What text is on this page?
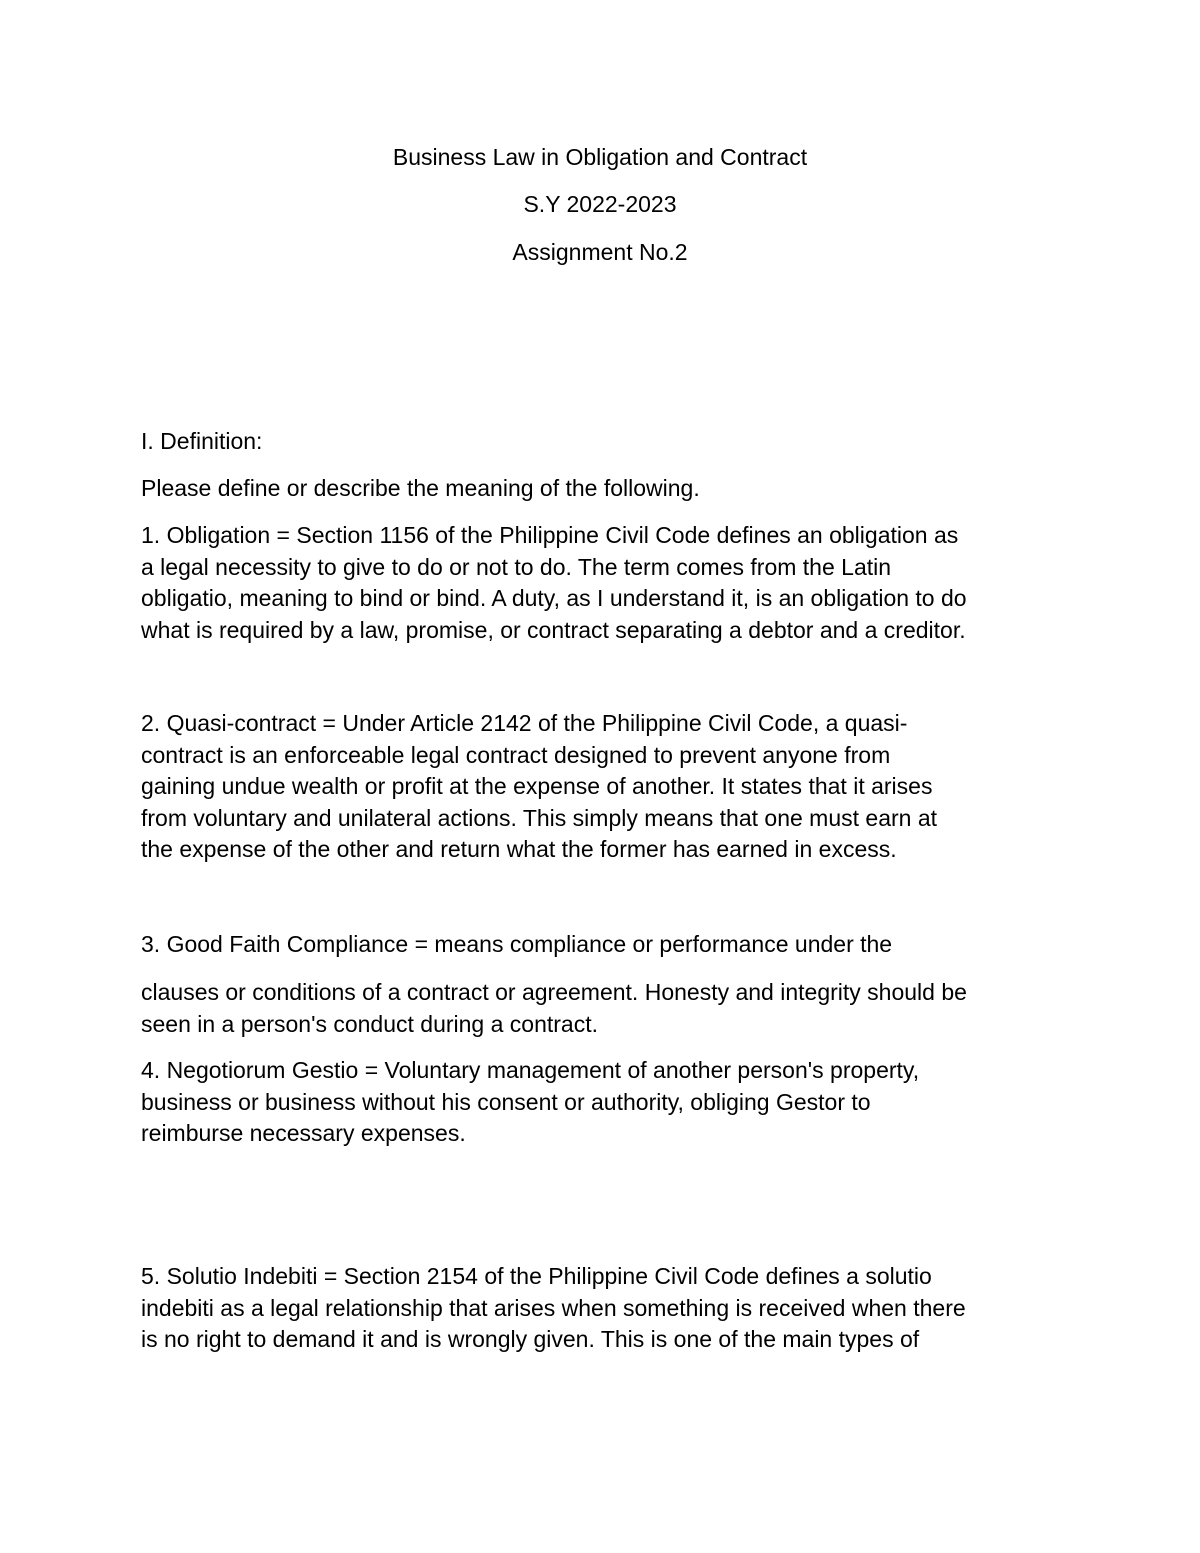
Business Law in Obligation and Contract
S.Y 2022-2023
Assignment No.2
I. Definition:
Please define or describe the meaning of the following.
1. Obligation = Section 1156 of the Philippine Civil Code defines an obligation as
a legal necessity to give to do or not to do. The term comes from the Latin
obligatio, meaning to bind or bind. A duty, as I understand it, is an obligation to do
what is required by a law, promise, or contract separating a debtor and a creditor.
2. Quasi-contract = Under Article 2142 of the Philippine Civil Code, a quasi-
contract is an enforceable legal contract designed to prevent anyone from
gaining undue wealth or profit at the expense of another. It states that it arises
from voluntary and unilateral actions. This simply means that one must earn at
the expense of the other and return what the former has earned in excess.
3. Good Faith Compliance = means compliance or performance under the
clauses or conditions of a contract or agreement. Honesty and integrity should be
seen in a person's conduct during a contract.
4. Negotiorum Gestio = Voluntary management of another person's property,
business or business without his consent or authority, obliging Gestor to
reimburse necessary expenses.
5. Solutio Indebiti = Section 2154 of the Philippine Civil Code defines a solutio
indebiti as a legal relationship that arises when something is received when there
is no right to demand it and is wrongly given. This is one of the main types of
